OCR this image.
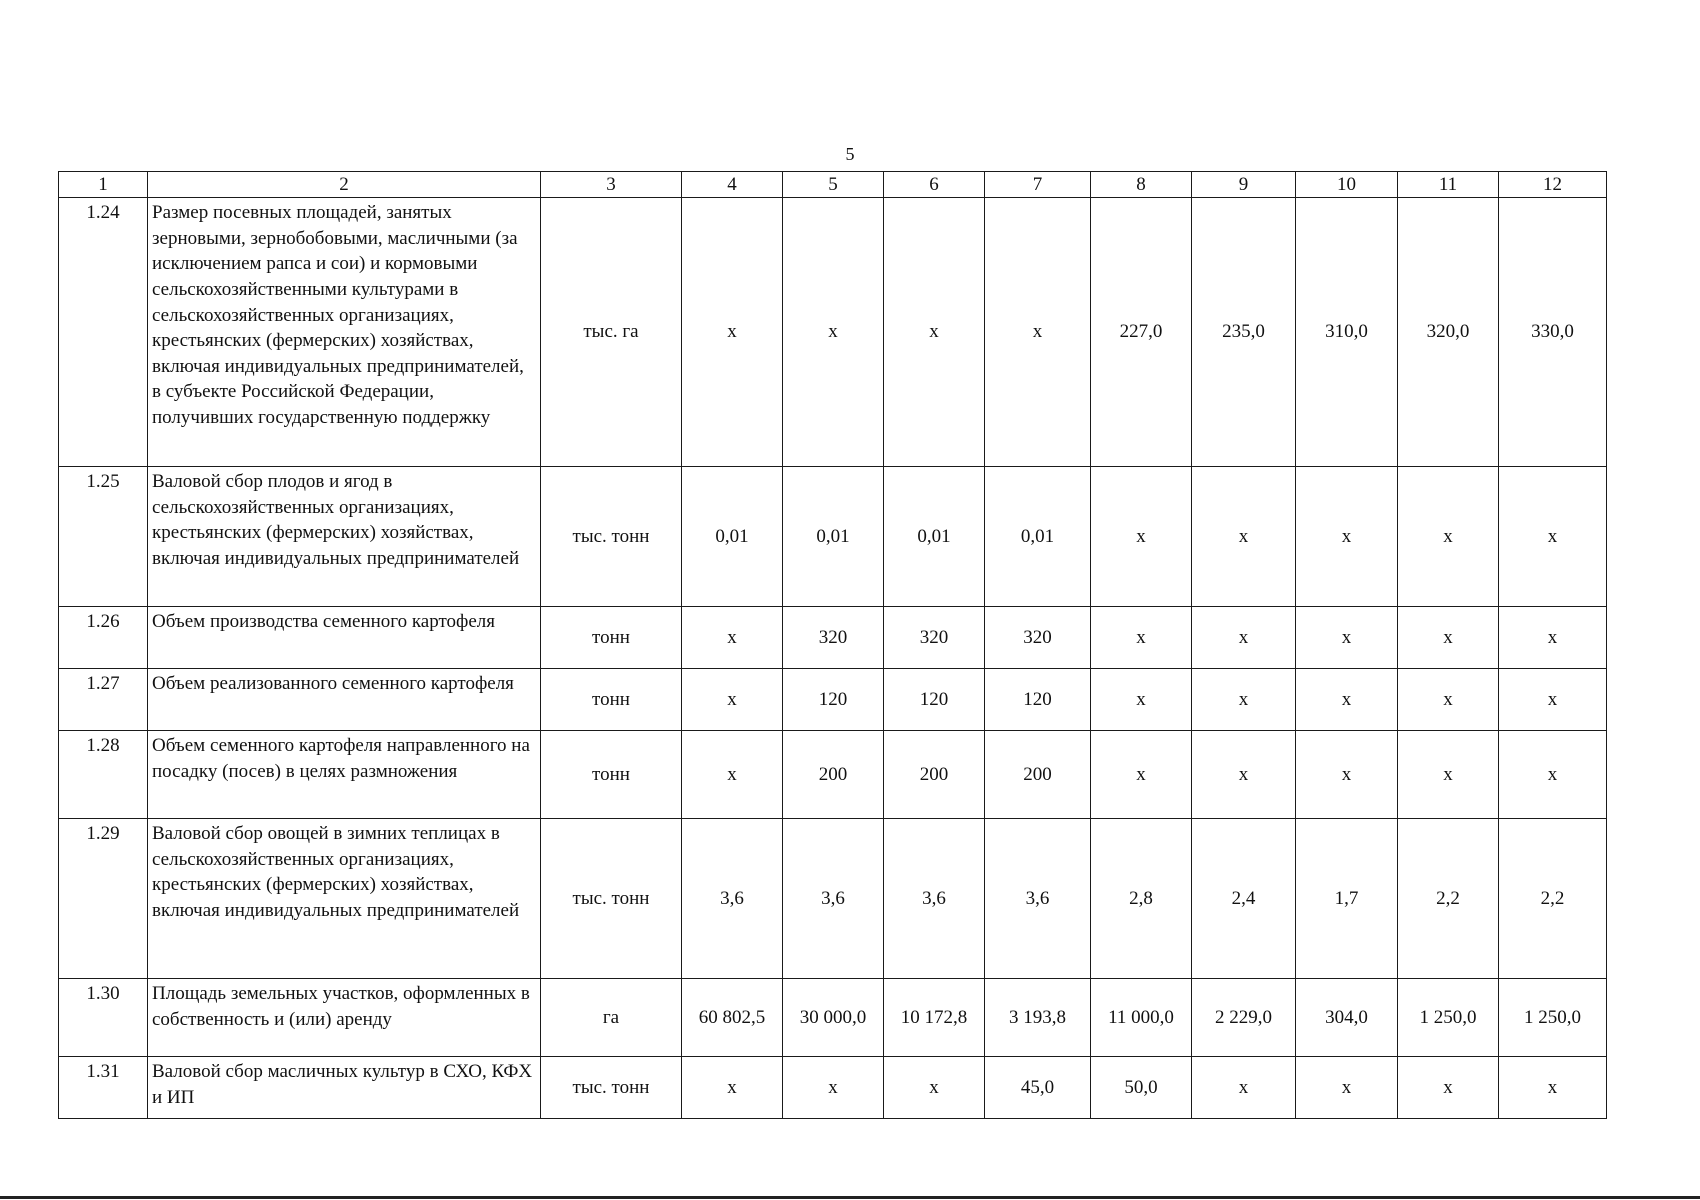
5
1	2	3	4	5	6	7	8	9	10	11	12
1.24	Размер посевных площадей, занятых зерновыми, зернобобовыми, масличными (за исключением рапса и сои) и кормовыми сельскохозяйственными культурами в сельскохозяйственных организациях, крестьянских (фермерских) хозяйствах, включая индивидуальных предпринимателей, в субъекте Российской Федерации, получивших государственную поддержку	тыс. га	х	х	х	х	227,0	235,0	310,0	320,0	330,0
1.25	Валовой сбор плодов и ягод в сельскохозяйственных организациях, крестьянских (фермерских) хозяйствах, включая индивидуальных предпринимателей	тыс. тонн	0,01	0,01	0,01	0,01	х	х	х	х	х
1.26	Объем производства семенного картофеля	тонн	х	320	320	320	х	х	х	х	х
1.27	Объем реализованного семенного картофеля	тонн	х	120	120	120	х	х	х	х	х
1.28	Объем семенного картофеля направленного на посадку (посев) в целях размножения	тонн	х	200	200	200	х	х	х	х	х
1.29	Валовой сбор овощей в зимних теплицах в сельскохозяйственных организациях, крестьянских (фермерских) хозяйствах, включая индивидуальных предпринимателей	тыс. тонн	3,6	3,6	3,6	3,6	2,8	2,4	1,7	2,2	2,2
1.30	Площадь земельных участков, оформленных в собственность и (или) аренду	га	60 802,5	30 000,0	10 172,8	3 193,8	11 000,0	2 229,0	304,0	1 250,0	1 250,0
1.31	Валовой сбор масличных культур в СХО, КФХ и ИП	тыс. тонн	х	х	х	45,0	50,0	х	х	х	х
